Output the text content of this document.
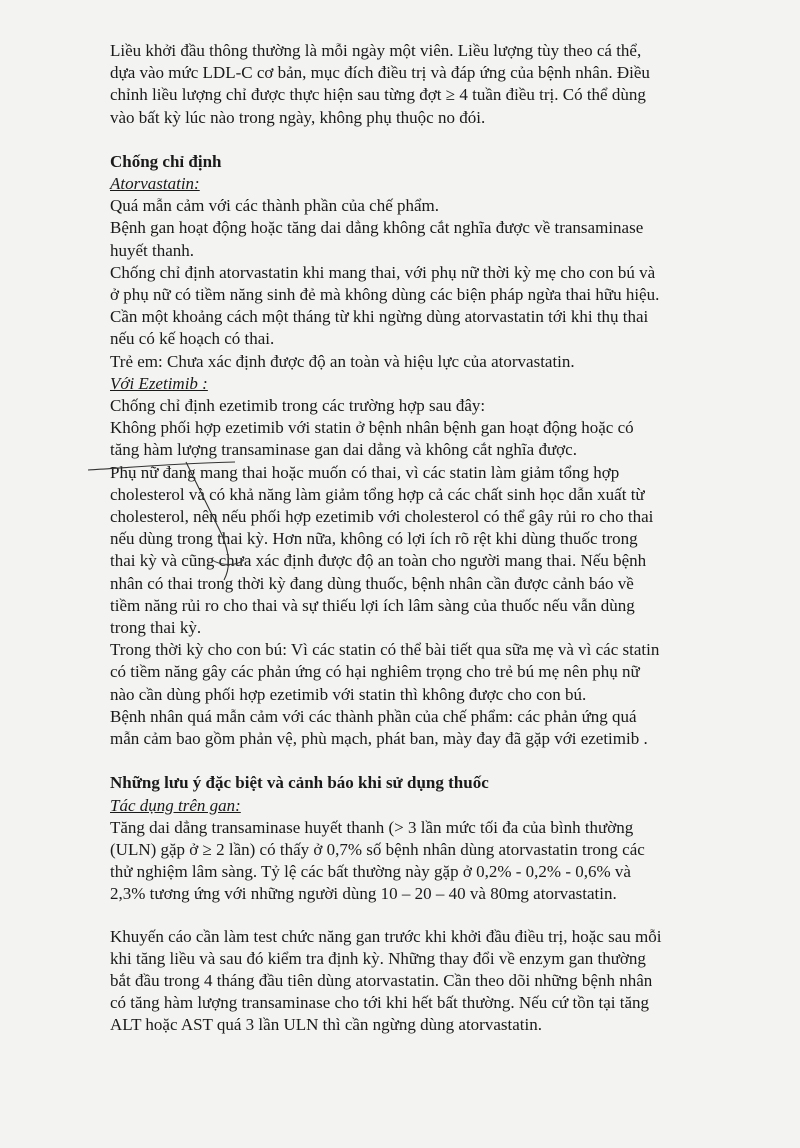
Liều khởi đầu thông thường là mỗi ngày một viên. Liều lượng tùy theo cá thể,

dựa vào mức LDL-C cơ bản, mục đích điều trị và đáp ứng của bệnh nhân. Điều

chỉnh liều lượng chỉ được thực hiện sau từng đợt ≥ 4 tuần điều trị. Có thể dùng

vào bất kỳ lúc nào trong ngày, không phụ thuộc no đói.

Chống chỉ định

Atorvastatin:

Quá mẫn cảm với các thành phần của chế phẩm.

Bệnh gan hoạt động hoặc tăng dai dẳng không cắt nghĩa được về transaminase

huyết thanh.

Chống chỉ định atorvastatin khi mang thai, với phụ nữ thời kỳ mẹ cho con bú và

ở phụ nữ có tiềm năng sinh đẻ mà không dùng các biện pháp ngừa thai hữu hiệu.

Cần một khoảng cách một tháng từ khi ngừng dùng atorvastatin tới khi thụ thai

nếu có kế hoạch có thai.

Trẻ em: Chưa xác định được độ an toàn và hiệu lực của atorvastatin.

Với Ezetimib :

Chống chỉ định ezetimib trong các trường hợp sau đây:

Không phối hợp ezetimib với statin ở bệnh nhân bệnh gan hoạt động hoặc có

tăng hàm lượng transaminase gan dai dẳng và không cắt nghĩa được.

Phụ nữ đang mang thai hoặc muốn có thai, vì các statin làm giảm tổng hợp

cholesterol và có khả năng làm giảm tổng hợp cả các chất sinh học dẫn xuất từ

cholesterol, nên nếu phối hợp ezetimib với cholesterol có thể gây rủi ro cho thai

nếu dùng trong thai kỳ. Hơn nữa, không có lợi ích rõ rệt khi dùng thuốc trong

thai kỳ và cũng chưa xác định được độ an toàn cho người mang thai. Nếu bệnh

nhân có thai trong thời kỳ đang dùng thuốc, bệnh nhân cần được cảnh báo về

tiềm năng rủi ro cho thai và sự thiếu lợi ích lâm sàng của thuốc nếu vẫn dùng

trong thai kỳ.

Trong thời kỳ cho con bú: Vì các statin có thể bài tiết qua sữa mẹ và vì các statin

có tiềm năng gây các phản ứng có hại nghiêm trọng cho trẻ bú mẹ nên phụ nữ

nào cần dùng phối hợp ezetimib với statin thì không được cho con bú.

Bệnh nhân quá mẫn cảm với các thành phần của chế phẩm: các phản ứng quá

mẫn cảm bao gồm phản vệ, phù mạch, phát ban, mày đay đã gặp với ezetimib .

Những lưu ý đặc biệt và cảnh báo khi sử dụng thuốc

Tác dụng trên gan:

Tăng dai dẳng transaminase huyết thanh (> 3 lần mức tối đa của bình thường

(ULN) gặp ở ≥ 2 lần) có thấy ở 0,7% số bệnh nhân dùng atorvastatin trong các

thử nghiệm lâm sàng. Tỷ lệ các bất thường này gặp ở 0,2% - 0,2% - 0,6% và

2,3% tương ứng với những người dùng 10 – 20 – 40 và 80mg atorvastatin.

Khuyến cáo cần làm test chức năng gan trước khi khởi đầu điều trị, hoặc sau mỗi

khi tăng liều và sau đó kiểm tra định kỳ. Những thay đổi về enzym gan thường

bắt đầu trong 4 tháng đầu tiên dùng atorvastatin. Cần theo dõi những bệnh nhân

có tăng hàm lượng transaminase cho tới khi hết bất thường. Nếu cứ tồn tại tăng

ALT hoặc AST quá 3 lần ULN thì cần ngừng dùng atorvastatin.
